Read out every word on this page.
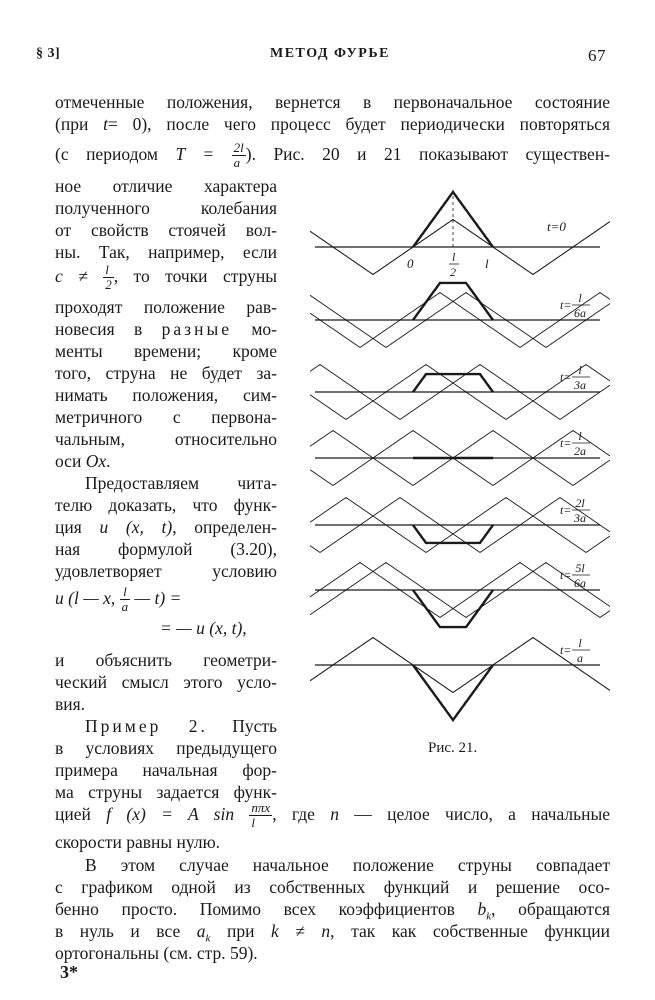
§ 3]	МЕТОД ФУРЬЕ	67
отмеченные положения, вернется в первоначальное состояние
(при t= 0), после чего процесс будет периодически повторяться
(с периодом $T = \frac{2l}{a}$ ). Рис. 20 и 21 показывают существен-
ное отличие характера
полученного колебания
от свойств стоячей вол-
ны. Так, например, если
$c \ne \frac{l}{2}$ , то точки струны
проходят положение рав-
новесия в разные мо-
менты времени; кроме
того, струна не будет за-
нимать положения, сим-
метричного с первона-
чальным, относительно
оси Ox.
Предоставляем чита-
телю доказать, что функ-
ция u (x, t), определен-
ная формулой (3.20),
удовлетворяет условию
u (l — x, $\frac{l}{a}$ — t) =
= — u (x, t),
и объяснить геометри-
ческий смысл этого усло-
вия.
Пример 2. Пусть
в условиях предыдущего
примера начальная фор-
ма струны задается функ-
цией f (x) = A $\sin \frac{\text{nπx}}{l}$ , где n — целое число, а начальные
скорости равны нулю.
В этом случае начальное положение струны совпадает
с графиком одной из собственных функций и решение осо-
бенно просто. Помимо всех коэффициентов $b_k$, обращаются
в нуль и все $a_k$ при k ≠ n, так как собственные функции
ортогональны (см. стр. 59).
0	l
2
l
t=0
t= l
6a
t= l
3a
t= l
2a
t= 2l
3a
t= 5l
6a
t= l
a
Рис. 21.
3*
